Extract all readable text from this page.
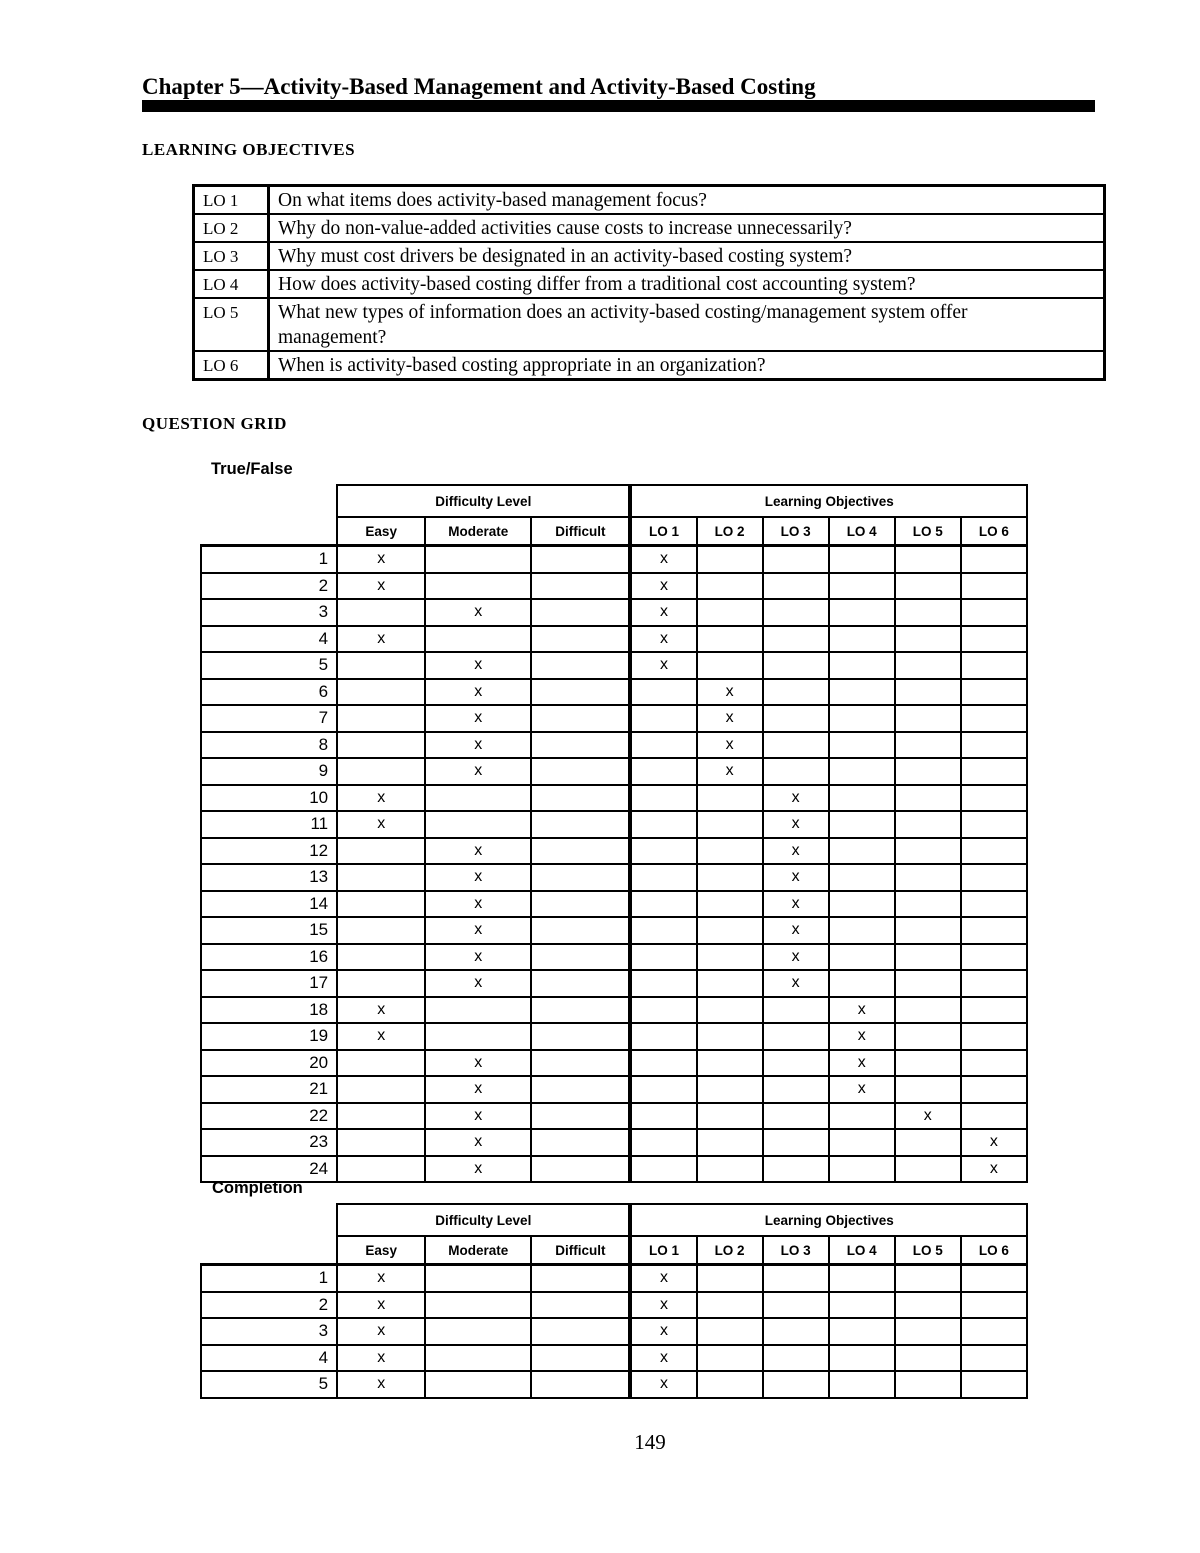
Chapter 5—Activity-Based Management and Activity-Based Costing
LEARNING OBJECTIVES
LO 1	On what items does activity-based management focus?
LO 2	Why do non-value-added activities cause costs to increase unnecessarily?
LO 3	Why must cost drivers be designated in an activity-based costing system?
LO 4	How does activity-based costing differ from a traditional cost accounting system?
LO 5	What new types of information does an activity-based costing/management system offer management?
LO 6	When is activity-based costing appropriate in an organization?
QUESTION GRID
True/False
	Difficulty Level			Learning Objectives					
	Easy	Moderate	Difficult	LO 1	LO 2	LO 3	LO 4	LO 5	LO 6
1	x			x					
2	x			x					
3		x		x					
4	x			x					
5		x		x					
6		x			x				
7		x			x				
8		x			x				
9		x			x				
10	x					x			
11	x					x			
12		x				x			
13		x				x			
14		x				x			
15		x				x			
16		x				x			
17		x				x			
18	x						x		
19	x						x		
20		x					x		
21		x					x		
22		x						x	
23		x							x
24		x							x
Completion
	Difficulty Level			Learning Objectives					
	Easy	Moderate	Difficult	LO 1	LO 2	LO 3	LO 4	LO 5	LO 6
1	x			x					
2	x			x					
3	x			x					
4	x			x					
5	x			x					

149
